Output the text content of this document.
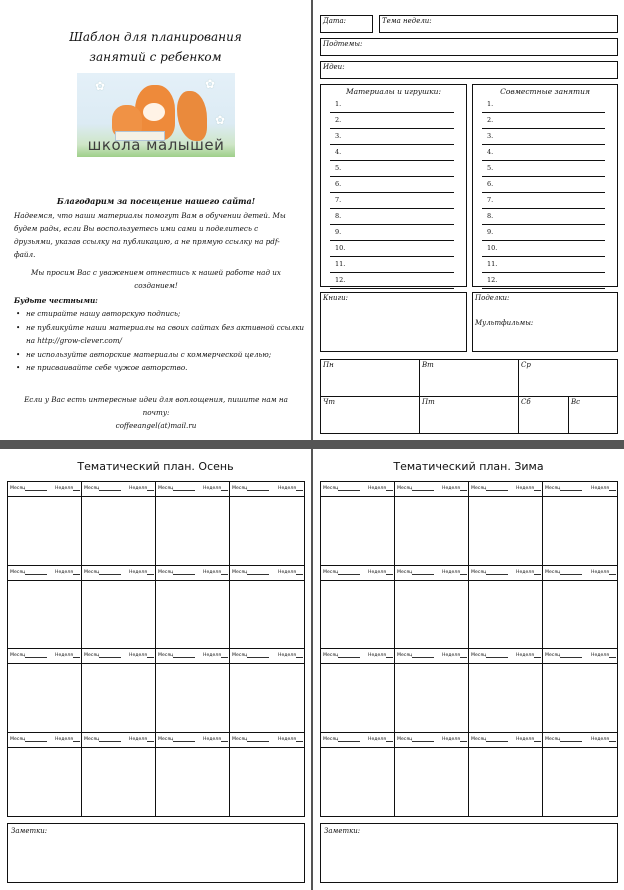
Шаблон для планирования
занятий с ребенком
✿	✿
✿
школа малышей
Благодарим за посещение нашего сайта!
Надеемся, что наши материалы помогут Вам в обучении детей. Мы будем рады, если Вы воспользуетесь ими сами и поделитесь с друзьями, указав ссылку на публикацию, а не прямую ссылку на pdf-файл.
Мы просим Вас с уважением отнестись к нашей работе над их созданием!
Будьте честными:
• не стирайте нашу авторскую подпись;
• не публикуйте наши материалы на своих сайтах без активной ссылки на http://grow-clever.com/
• не используйте авторские материалы с коммерческой целью;
• не присваивайте себе чужое авторство.
Если у Вас есть интересные идеи для воплощения, пишите нам на почту:
coffeeangel(at)mail.ru
Дата:	Тема недели:
Подтемы:
Идеи:
Материалы и игрушки:
1.
2.
3.
4.
5.
6.
7.
8.
9.
10.
11.
12.
Совместные занятия
1.
2.
3.
4.
5.
6.
7.
8.
9.
10.
11.
12.
Книги:	Поделки:
Мультфильмы:
Пн	Вт	Ср
Чт	Пт	Сб	Вс
Тематический план. Осень
Месяц	Неделя	Месяц	Неделя	Месяц	Неделя	Месяц	Неделя
Месяц	Неделя	Месяц	Неделя	Месяц	Неделя	Месяц	Неделя
Месяц	Неделя	Месяц	Неделя	Месяц	Неделя	Месяц	Неделя
Месяц	Неделя	Месяц	Неделя	Месяц	Неделя	Месяц	Неделя
Заметки:
Тематический план. Зима
Месяц	Неделя	Месяц	Неделя	Месяц	Неделя	Месяц	Неделя
Месяц	Неделя	Месяц	Неделя	Месяц	Неделя	Месяц	Неделя
Месяц	Неделя	Месяц	Неделя	Месяц	Неделя	Месяц	Неделя
Месяц	Неделя	Месяц	Неделя	Месяц	Неделя	Месяц	Неделя
Заметки:
